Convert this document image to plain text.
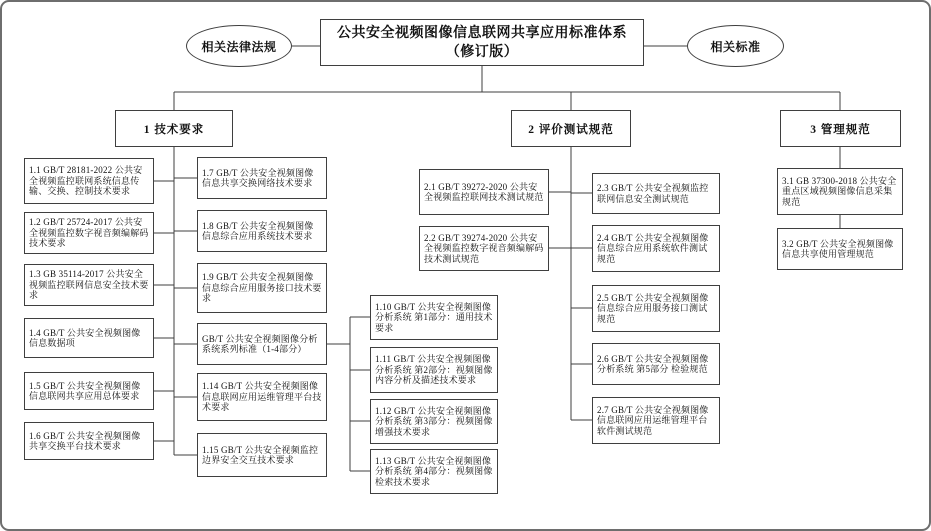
相关法律法规
公共安全视频图像信息联网共享应用标准体系
（修订版）	相关标准
1 技术要求	2 评价测试规范	3 管理规范
1.1 GB/T 28181-2022 公共安全视频监控联网系统信息传输、交换、控制技术要求
1.2 GB/T 25724-2017 公共安全视频监控数字视音频编解码技术要求
1.3 GB 35114-2017 公共安全视频监控联网信息安全技术要求
1.4 GB/T 公共安全视频图像信息数据项
1.5 GB/T 公共安全视频图像信息联网共享应用总体要求
1.6 GB/T 公共安全视频图像共享交换平台技术要求
1.7 GB/T 公共安全视频图像信息共享交换网络技术要求
1.8 GB/T 公共安全视频图像信息综合应用系统技术要求
1.9 GB/T 公共安全视频图像信息综合应用服务接口技术要求
GB/T 公共安全视频图像分析系统系列标准（1-4部分）
1.14 GB/T 公共安全视频图像信息联网应用运维管理平台技术要求
1.15 GB/T 公共安全视频监控边界安全交互技术要求
1.10 GB/T 公共安全视频图像分析系统 第1部分：通用技术要求
1.11 GB/T 公共安全视频图像分析系统 第2部分：视频图像内容分析及描述技术要求
1.12 GB/T 公共安全视频图像分析系统 第3部分：视频图像增强技术要求
1.13 GB/T 公共安全视频图像分析系统 第4部分：视频图像检索技术要求
2.1 GB/T 39272-2020 公共安全视频监控联网技术测试规范
2.2 GB/T 39274-2020 公共安全视频监控数字视音频编解码技术测试规范
2.3 GB/T 公共安全视频监控联网信息安全测试规范
2.4 GB/T 公共安全视频图像信息综合应用系统软件测试规范
2.5 GB/T 公共安全视频图像信息综合应用服务接口测试规范
2.6 GB/T 公共安全视频图像分析系统 第5部分 检验规范
2.7 GB/T 公共安全视频图像信息联网应用运维管理平台软件测试规范
3.1 GB 37300-2018 公共安全重点区域视频图像信息采集规范
3.2 GB/T 公共安全视频图像信息共享使用管理规范
